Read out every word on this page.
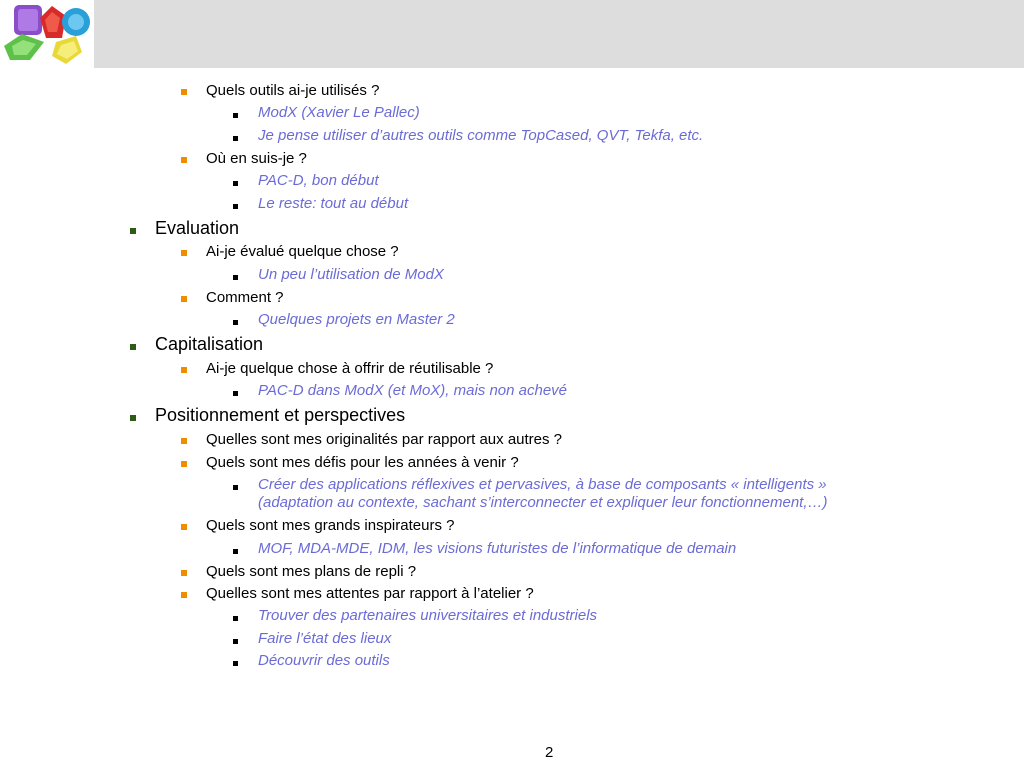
Quels outils ai-je utilisés ?
ModX (Xavier Le Pallec)
Je pense utiliser d’autres outils comme TopCased, QVT, Tekfa, etc.
Où en suis-je ?
PAC-D, bon début
Le reste: tout au début
Evaluation
Ai-je évalué quelque chose ?
Un peu l’utilisation de ModX
Comment ?
Quelques projets en Master 2
Capitalisation
Ai-je quelque chose à offrir de réutilisable ?
PAC-D dans ModX (et MoX), mais non achevé
Positionnement et perspectives
Quelles sont mes originalités par rapport aux autres ?
Quels sont mes défis pour les années à venir ?
Créer des applications réflexives et pervasives, à base de composants « intelligents »
(adaptation au contexte, sachant s’interconnecter et expliquer leur fonctionnement,…)
Quels sont mes grands inspirateurs ?
MOF, MDA-MDE, IDM, les visions futuristes de l’informatique de demain
Quels sont mes plans de repli ?
Quelles sont mes attentes par rapport à l’atelier ?
Trouver des partenaires universitaires et industriels
Faire l’état des lieux
Découvrir des outils
2
